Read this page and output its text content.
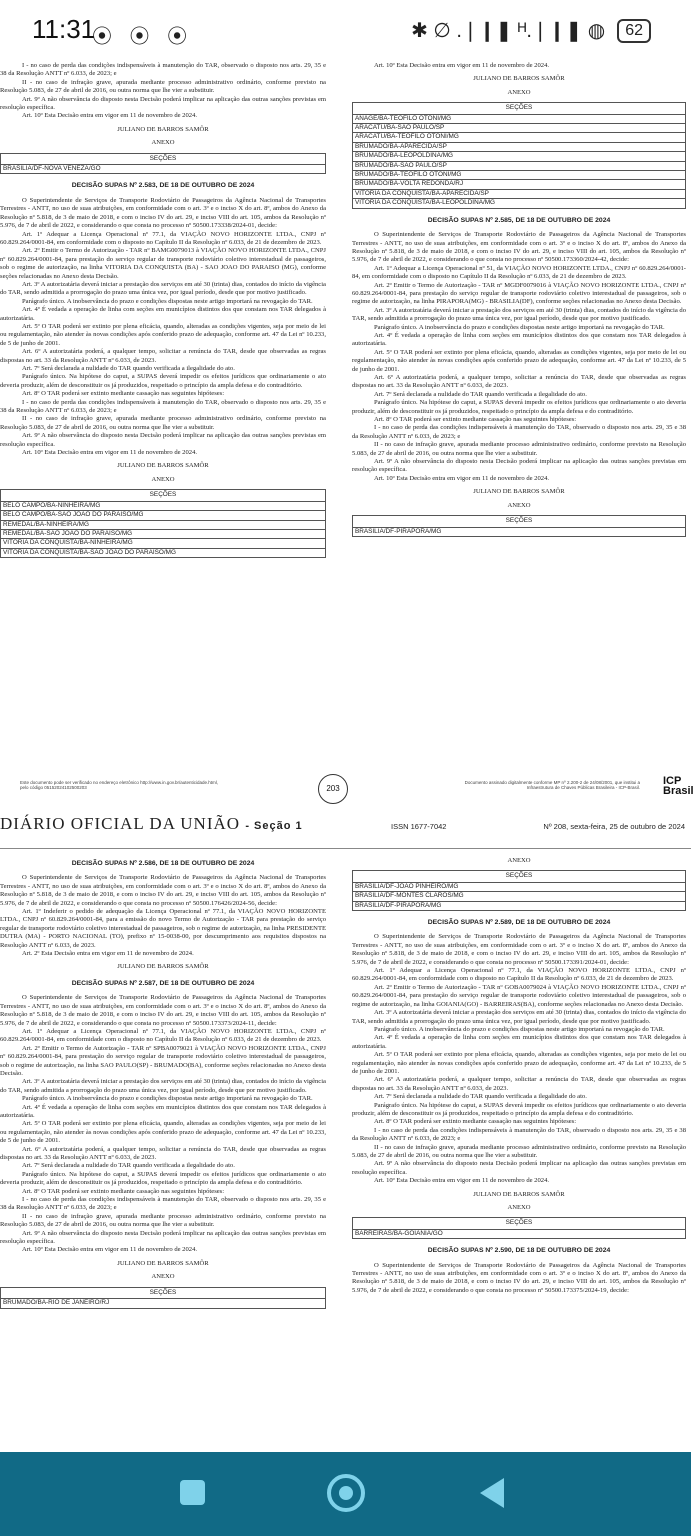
11:31
⦿ ⦿ ⦿	✱ ∅ .❘❙❚ ᴴ.❘❙❚ ◍	62

I - no caso de perda das condições indispensáveis à manutenção do TAR, observado o disposto nos arts. 29, 35 e 38 da Resolução ANTT nº 6.033, de 2023; e

II - no caso de infração grave, apurada mediante processo administrativo ordinário, conforme previsto na Resolução 5.083, de 27 de abril de 2016, ou outra norma que lhe vier a substituir.

Art. 9º A não observância do disposto nesta Decisão poderá implicar na aplicação das outras sanções previstas em resolução específica.

Art. 10º Esta Decisão entra em vigor em 11 de novembro de 2024.

JULIANO DE BARROS SAMÔR

ANEXO

SEÇÕES
BRASILIA/DF-NOVA VENEZA/GO
DECISÃO SUPAS Nº 2.583, DE 18 DE OUTUBRO DE 2024

O Superintendente de Serviços de Transporte Rodoviário de Passageiros da Agência Nacional de Transportes Terrestres - ANTT, no uso de suas atribuições, em conformidade com o art. 3º e o inciso X do art. 8º, ambos do Anexo da Resolução nº 5.818, de 3 de maio de 2018, e com o inciso IV do art. 29, e inciso VIII do art. 105, ambos da Resolução nº 5.976, de 7 de abril de 2022, e considerando o que consta no processo nº 50500.173338/2024-01, decide:

Art. 1º Adequar a Licença Operacional nº 77.1, da VIAÇÃO NOVO HORIZONTE LTDA., CNPJ nº 60.829.264/0001-84, em conformidade com o disposto no Capítulo II da Resolução nº 6.033, de 21 de dezembro de 2023.

Art. 2º Emitir o Termo de Autorização - TAR nº BAMG0079013 à VIAÇÃO NOVO HORIZONTE LTDA., CNPJ nº 60.829.264/0001-84, para prestação do serviço regular de transporte rodoviário coletivo interestadual de passageiros, sob o regime de autorização, na linha VITORIA DA CONQUISTA (BA) - SAO JOAO DO PARAISO (MG), conforme seções relacionadas no Anexo desta Decisão.

Art. 3º A autorizatária deverá iniciar a prestação dos serviços em até 30 (trinta) dias, contados do início da vigência do TAR, sendo admitida a prorrogação do prazo uma única vez, por igual período, desde que por motivo justificado.

Parágrafo único. A inobservância do prazo e condições dispostas neste artigo importará na revogação do TAR.

Art. 4º É vedada a operação de linha com seções em municípios distintos dos que constam nos TAR delegados à autorizatária.

Art. 5º O TAR poderá ser extinto por plena eficácia, quando, alteradas as condições vigentes, seja por meio de lei ou regulamentação, não atender às novas condições após conferido prazo de adequação, conforme art. 47 da Lei nº 10.233, de 5 de junho de 2001.

Art. 6º A autorizatária poderá, a qualquer tempo, solicitar a renúncia do TAR, desde que observadas as regras dispostas no art. 33 da Resolução ANTT nº 6.033, de 2023.

Art. 7º Será declarada a nulidade do TAR quando verificada a ilegalidade do ato.

Parágrafo único. Na hipótese do caput, a SUPAS deverá impedir os efeitos jurídicos que ordinariamente o ato deveria produzir, além de desconstituir os já produzidos, respeitado o princípio da ampla defesa e do contraditório.

Art. 8º O TAR poderá ser extinto mediante cassação nas seguintes hipóteses:

I - no caso de perda das condições indispensáveis à manutenção do TAR, observado o disposto nos arts. 29, 35 e 38 da Resolução ANTT nº 6.033, de 2023; e

II - no caso de infração grave, apurada mediante processo administrativo ordinário, conforme previsto na Resolução 5.083, de 27 de abril de 2016, ou outra norma que lhe vier a substituir.

Art. 9º A não observância do disposto nesta Decisão poderá implicar na aplicação das outras sanções previstas em resolução específica.

Art. 10º Esta Decisão entra em vigor em 11 de novembro de 2024.

JULIANO DE BARROS SAMÔR

ANEXO

SEÇÕES
BELO CAMPO/BA-NINHEIRA/MG
BELO CAMPO/BA-SAO JOAO DO PARAISO/MG
REMEDAL/BA-NINHEIRA/MG
REMEDAL/BA-SAO JOAO DO PARAISO/MG
VITORIA DA CONQUISTA/BA-NINHEIRA/MG
VITORIA DA CONQUISTA/BA-SAO JOAO DO PARAISO/MG

Art. 10º Esta Decisão entra em vigor em 11 de novembro de 2024.

JULIANO DE BARROS SAMÔR

ANEXO

SEÇÕES
ANAGE/BA-TEOFILO OTONI/MG
ARACATU/BA-SAO PAULO/SP
ARACATU/BA-TEOFILO OTONI/MG
BRUMADO/BA-APARECIDA/SP
BRUMADO/BA-LEOPOLDINA/MG
BRUMADO/BA-SAO PAULO/SP
BRUMADO/BA-TEOFILO OTONI/MG
BRUMADO/BA-VOLTA REDONDA/RJ
VITORIA DA CONQUISTA/BA-APARECIDA/SP
VITORIA DA CONQUISTA/BA-LEOPOLDINA/MG
DECISÃO SUPAS Nº 2.585, DE 18 DE OUTUBRO DE 2024

O Superintendente de Serviços de Transporte Rodoviário de Passageiros da Agência Nacional de Transportes Terrestres - ANTT, no uso de suas atribuições, em conformidade com o art. 3º e o inciso X do art. 8º, ambos do Anexo da Resolução nº 5.818, de 3 de maio de 2018, e com o inciso IV do art. 29, e inciso VIII do art. 105, ambos da Resolução nº 5.976, de 7 de abril de 2022, e considerando o que consta no processo nº 50500.173360/2024-42, decide:

Art. 1º Adequar a Licença Operacional nº 51, da VIAÇÃO NOVO HORIZONTE LTDA., CNPJ nº 60.829.264/0001-84, em conformidade com o disposto no Capítulo II da Resolução nº 6.033, de 21 de dezembro de 2023.

Art. 2º Emitir o Termo de Autorização - TAR nº MGDF0079016 à VIAÇÃO NOVO HORIZONTE LTDA., CNPJ nº 60.829.264/0001-84, para prestação do serviço regular de transporte rodoviário coletivo interestadual de passageiros, sob o regime de autorização, na linha PIRAPORA(MG) - BRASILIA(DF), conforme seções relacionadas no Anexo desta Decisão.

Art. 3º A autorizatária deverá iniciar a prestação dos serviços em até 30 (trinta) dias, contados do início da vigência do TAR, sendo admitida a prorrogação do prazo uma única vez, por igual período, desde que por motivo justificado.

Parágrafo único. A inobservância do prazo e condições dispostas neste artigo importará na revogação do TAR.

Art. 4º É vedada a operação de linha com seções em municípios distintos dos que constam nos TAR delegados à autorizatária.

Art. 5º O TAR poderá ser extinto por plena eficácia, quando, alteradas as condições vigentes, seja por meio de lei ou regulamentação, não atender às novas condições após conferido prazo de adequação, conforme art. 47 da Lei nº 10.233, de 5 de junho de 2001.

Art. 6º A autorizatária poderá, a qualquer tempo, solicitar a renúncia do TAR, desde que observadas as regras dispostas no art. 33 da Resolução ANTT nº 6.033, de 2023.

Art. 7º Será declarada a nulidade do TAR quando verificada a ilegalidade do ato.

Parágrafo único. Na hipótese do caput, a SUPAS deverá impedir os efeitos jurídicos que ordinariamente o ato deveria produzir, além de desconstituir os já produzidos, respeitado o princípio da ampla defesa e do contraditório.

Art. 8º O TAR poderá ser extinto mediante cassação nas seguintes hipóteses:

I - no caso de perda das condições indispensáveis à manutenção do TAR, observado o disposto nos arts. 29, 35 e 38 da Resolução ANTT nº 6.033, de 2023; e

II - no caso de infração grave, apurada mediante processo administrativo ordinário, conforme previsto na Resolução 5.083, de 27 de abril de 2016, ou outra norma que lhe vier a substituir.

Art. 9º A não observância do disposto nesta Decisão poderá implicar na aplicação das outras sanções previstas em resolução específica.

Art. 10º Esta Decisão entra em vigor em 11 de novembro de 2024.

JULIANO DE BARROS SAMÔR

ANEXO

SEÇÕES
BRASILIA/DF-PIRAPORA/MG
Este documento pode ser verificado no endereço eletrônico http://www.in.gov.br/autenticidade.html, pelo código 05152024102500203	203
Documento assinado digitalmente conforme MP nº 2.200-2 de 24/08/2001, que institui a Infraestrutura de Chaves Públicas Brasileira - ICP-Brasil.
ICP Brasil
DIÁRIO OFICIAL DA UNIÃO - Seção 1	ISSN 1677-7042	Nº 208, sexta-feira, 25 de outubro de 2024
DECISÃO SUPAS Nº 2.586, DE 18 DE OUTUBRO DE 2024

O Superintendente de Serviços de Transporte Rodoviário de Passageiros da Agência Nacional de Transportes Terrestres - ANTT, no uso de suas atribuições, em conformidade com o art. 3º e o inciso X do art. 8º, ambos do Anexo da Resolução nº 5.818, de 3 de maio de 2018, e com o inciso IV do art. 29, e inciso VIII do art. 105, ambos da Resolução nº 5.976, de 7 de abril de 2022, e considerando o que consta no processo nº 50500.176426/2024-56, decide:

Art. 1º Indeferir o pedido de adequação da Licença Operacional nº 77.1, da VIAÇÃO NOVO HORIZONTE LTDA., CNPJ nº 60.829.264/0001-84, para a emissão do novo Termo de Autorização - TAR para prestação do serviço regular de transporte rodoviário coletivo interestadual de passageiros, sob o regime de autorização, na linha PRESIDENTE DUTRA (MA) - PORTO NACIONAL (TO), prefixo nº 15-0038-00, por descumprimento aos requisitos dispostos na Resolução ANTT nº 6.033, de 2023.

Art. 2º Esta Decisão entra em vigor em 11 de novembro de 2024.

JULIANO DE BARROS SAMÔR

DECISÃO SUPAS Nº 2.587, DE 18 DE OUTUBRO DE 2024

O Superintendente de Serviços de Transporte Rodoviário de Passageiros da Agência Nacional de Transportes Terrestres - ANTT, no uso de suas atribuições, em conformidade com o art. 3º e o inciso X do art. 8º, ambos do Anexo da Resolução nº 5.818, de 3 de maio de 2018, e com o inciso IV do art. 29, e inciso VIII do art. 105, ambos da Resolução nº 5.976, de 7 de abril de 2022, e considerando o que consta no processo nº 50500.173373/2024-11, decide:

Art. 1º Adequar a Licença Operacional nº 77.1, da VIAÇÃO NOVO HORIZONTE LTDA., CNPJ nº 60.829.264/0001-84, em conformidade com o disposto no Capítulo II da Resolução nº 6.033, de 21 de dezembro de 2023.

Art. 2º Emitir o Termo de Autorização - TAR nº SPBA0079021 à VIAÇÃO NOVO HORIZONTE LTDA., CNPJ nº 60.829.264/0001-84, para prestação do serviço regular de transporte rodoviário coletivo interestadual de passageiros, sob o regime de autorização, na linha SAO PAULO(SP) - BRUMADO(BA), conforme seções relacionadas no Anexo desta Decisão.

Art. 3º A autorizatária deverá iniciar a prestação dos serviços em até 30 (trinta) dias, contados do início da vigência do TAR, sendo admitida a prorrogação do prazo uma única vez, por igual período, desde que por motivo justificado.

Parágrafo único. A inobservância do prazo e condições dispostas neste artigo importará na revogação do TAR.

Art. 4º É vedada a operação de linha com seções em municípios distintos dos que constam nos TAR delegados à autorizatária.

Art. 5º O TAR poderá ser extinto por plena eficácia, quando, alteradas as condições vigentes, seja por meio de lei ou regulamentação, não atender às novas condições após conferido prazo de adequação, conforme art. 47 da Lei nº 10.233, de 5 de junho de 2001.

Art. 6º A autorizatária poderá, a qualquer tempo, solicitar a renúncia do TAR, desde que observadas as regras dispostas no art. 33 da Resolução ANTT nº 6.033, de 2023.

Art. 7º Será declarada a nulidade do TAR quando verificada a ilegalidade do ato.

Parágrafo único. Na hipótese do caput, a SUPAS deverá impedir os efeitos jurídicos que ordinariamente o ato deveria produzir, além de desconstituir os já produzidos, respeitado o princípio da ampla defesa e do contraditório.

Art. 8º O TAR poderá ser extinto mediante cassação nas seguintes hipóteses:

I - no caso de perda das condições indispensáveis à manutenção do TAR, observado o disposto nos arts. 29, 35 e 38 da Resolução ANTT nº 6.033, de 2023; e

II - no caso de infração grave, apurada mediante processo administrativo ordinário, conforme previsto na Resolução 5.083, de 27 de abril de 2016, ou outra norma que lhe vier a substituir.

Art. 9º A não observância do disposto nesta Decisão poderá implicar na aplicação das outras sanções previstas em resolução específica.

Art. 10º Esta Decisão entra em vigor em 11 de novembro de 2024.

JULIANO DE BARROS SAMÔR

ANEXO

SEÇÕES
BRUMADO/BA-RIO DE JANEIRO/RJ

ANEXO

SEÇÕES
BRASILIA/DF-JOAO PINHEIRO/MG
BRASILIA/DF-MONTES CLAROS/MG
BRASILIA/DF-PIRAPORA/MG
DECISÃO SUPAS Nº 2.589, DE 18 DE OUTUBRO DE 2024

O Superintendente de Serviços de Transporte Rodoviário de Passageiros da Agência Nacional de Transportes Terrestres - ANTT, no uso de suas atribuições, em conformidade com o art. 3º e o inciso X do art. 8º, ambos do Anexo da Resolução nº 5.818, de 3 de maio de 2018, e com o inciso IV do art. 29, e inciso VIII do art. 105, ambos da Resolução nº 5.976, de 7 de abril de 2022, e considerando o que consta no processo nº 50500.173391/2024-01, decide:

Art. 1º Adequar a Licença Operacional nº 77.1, da VIAÇÃO NOVO HORIZONTE LTDA., CNPJ nº 60.829.264/0001-84, em conformidade com o disposto no Capítulo II da Resolução nº 6.033, de 21 de dezembro de 2023.

Art. 2º Emitir o Termo de Autorização - TAR nº GOBA0079024 à VIAÇÃO NOVO HORIZONTE LTDA., CNPJ nº 60.829.264/0001-84, para prestação do serviço regular de transporte rodoviário coletivo interestadual de passageiros, sob o regime de autorização, na linha GOIANIA(GO) - BARREIRAS(BA), conforme seções relacionadas no Anexo desta Decisão.

Art. 3º A autorizatária deverá iniciar a prestação dos serviços em até 30 (trinta) dias, contados do início da vigência do TAR, sendo admitida a prorrogação do prazo uma única vez, por igual período, desde que por motivo justificado.

Parágrafo único. A inobservância do prazo e condições dispostas neste artigo importará na revogação do TAR.

Art. 4º É vedada a operação de linha com seções em municípios distintos dos que constam nos TAR delegados à autorizatária.

Art. 5º O TAR poderá ser extinto por plena eficácia, quando, alteradas as condições vigentes, seja por meio de lei ou regulamentação, não atender às novas condições após conferido prazo de adequação, conforme art. 47 da Lei nº 10.233, de 5 de junho de 2001.

Art. 6º A autorizatária poderá, a qualquer tempo, solicitar a renúncia do TAR, desde que observadas as regras dispostas no art. 33 da Resolução ANTT nº 6.033, de 2023.

Art. 7º Será declarada a nulidade do TAR quando verificada a ilegalidade do ato.

Parágrafo único. Na hipótese do caput, a SUPAS deverá impedir os efeitos jurídicos que ordinariamente o ato deveria produzir, além de desconstituir os já produzidos, respeitado o princípio da ampla defesa e do contraditório.

Art. 8º O TAR poderá ser extinto mediante cassação nas seguintes hipóteses:

I - no caso de perda das condições indispensáveis à manutenção do TAR, observado o disposto nos arts. 29, 35 e 38 da Resolução ANTT nº 6.033, de 2023; e

II - no caso de infração grave, apurada mediante processo administrativo ordinário, conforme previsto na Resolução 5.083, de 27 de abril de 2016, ou outra norma que lhe vier a substituir.

Art. 9º A não observância do disposto nesta Decisão poderá implicar na aplicação das outras sanções previstas em resolução específica.

Art. 10º Esta Decisão entra em vigor em 11 de novembro de 2024.

JULIANO DE BARROS SAMÔR

ANEXO

SEÇÕES
BARREIRAS/BA-GOIANIA/GO
DECISÃO SUPAS Nº 2.590, DE 18 DE OUTUBRO DE 2024

O Superintendente de Serviços de Transporte Rodoviário de Passageiros da Agência Nacional de Transportes Terrestres - ANTT, no uso de suas atribuições, em conformidade com o art. 3º e o inciso X do art. 8º, ambos do Anexo da Resolução nº 5.818, de 3 de maio de 2018, e com o inciso IV do art. 29, e inciso VIII do art. 105, ambos da Resolução nº 5.976, de 7 de abril de 2022, e considerando o que consta no processo nº 50500.173375/2024-19, decide:
